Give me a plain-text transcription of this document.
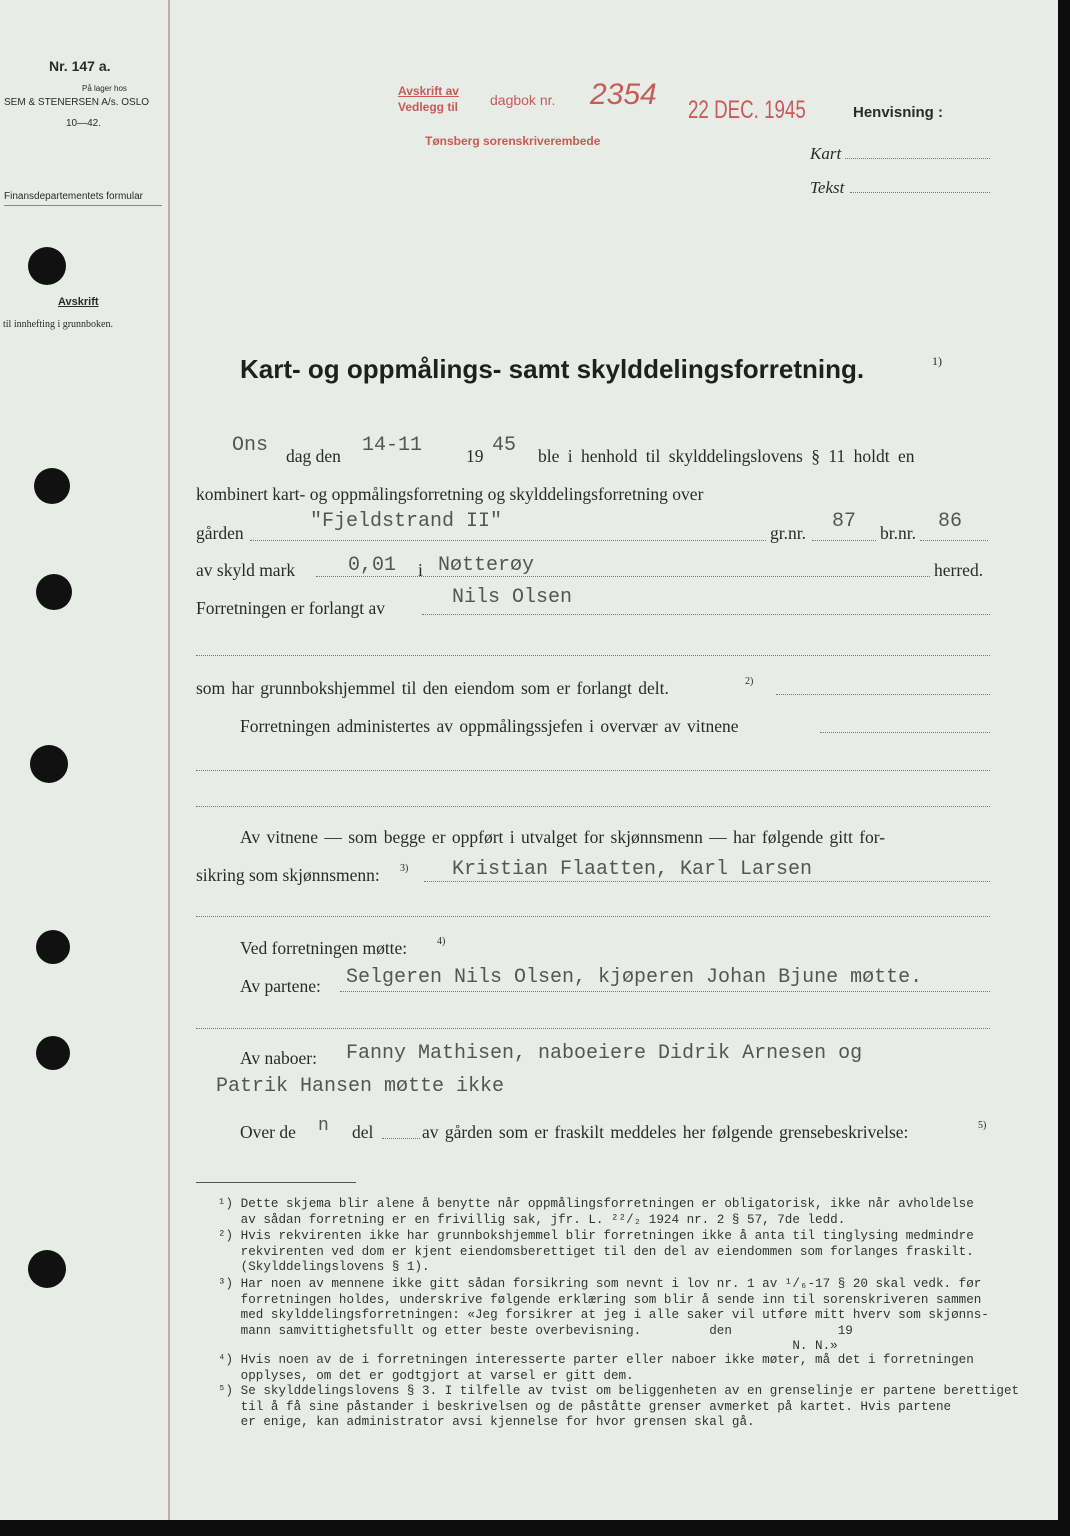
Nr. 147 a.
På lager hos
SEM & STENERSEN A/s. OSLO
10—42.
Finansdepartementets formular
Avskrift
til innhefting i grunnboken.
Avskrift av
Vedlegg til dagbok nr. 2354 22 DEC. 1945
Tønsberg sorenskriverembede
Henvisning :
Kart
Tekst
Kart- og oppmålings- samt skylddelingsforretning.	1)
Ons dag den 14-11	19 45 ble i henhold til skylddelingslovens § 11 holdt en
kombinert kart- og oppmålingsforretning og skylddelingsforretning over
gården	"Fjeldstrand II"	gr.nr. 87 br.nr. 86
av skyld mark	0,01 i Nøtterøy	herred.
Forretningen er forlangt av	Nils Olsen
som har grunnbokshjemmel til den eiendom som er forlangt delt.	2)
Forretningen administertes av oppmålingssjefen i overvær av vitnene
Av vitnene — som begge er oppført i utvalget for skjønnsmenn — har følgende gitt for-
sikring som skjønnsmenn: 3) Kristian Flaatten, Karl Larsen
Ved forretningen møtte:	4)
Av partene: Selgeren Nils Olsen, kjøperen Johan Bjune møtte.
Av naboer: Fanny Mathisen, naboeiere Didrik Arnesen og
Patrik Hansen møtte ikke
Over de n del	av gården som er fraskilt meddeles her følgende grensebeskrivelse:	5)
¹) Dette skjema blir alene å benytte når oppmålingsforretningen er obligatorisk, ikke når avholdelse
av sådan forretning er en frivillig sak, jfr. L. ²²/₂ 1924 nr. 2 § 57, 7de ledd.
²) Hvis rekvirenten ikke har grunnbokshjemmel blir forretningen ikke å anta til tinglysing medmindre
rekvirenten ved dom er kjent eiendomsberettiget til den del av eiendommen som forlanges fraskilt.
(Skylddelingslovens § 1).
³) Har noen av mennene ikke gitt sådan forsikring som nevnt i lov nr. 1 av ¹/₆-17 § 20 skal vedk. før
forretningen holdes, underskrive følgende erklæring som blir å sende inn til sorenskriveren sammen
med skylddelingsforretningen: «Jeg forsikrer at jeg i alle saker vil utføre mitt hverv som skjønns-
mann samvittighetsfullt og etter beste overbevisning.         den              19
N. N.»
⁴) Hvis noen av de i forretningen interesserte parter eller naboer ikke møter, må det i forretningen
opplyses, om det er godtgjort at varsel er gitt dem.
⁵) Se skylddelingslovens § 3. I tilfelle av tvist om beliggenheten av en grenselinje er partene berettiget
til å få sine påstander i beskrivelsen og de påståtte grenser avmerket på kartet. Hvis partene
er enige, kan administrator avsi kjennelse for hvor grensen skal gå.
